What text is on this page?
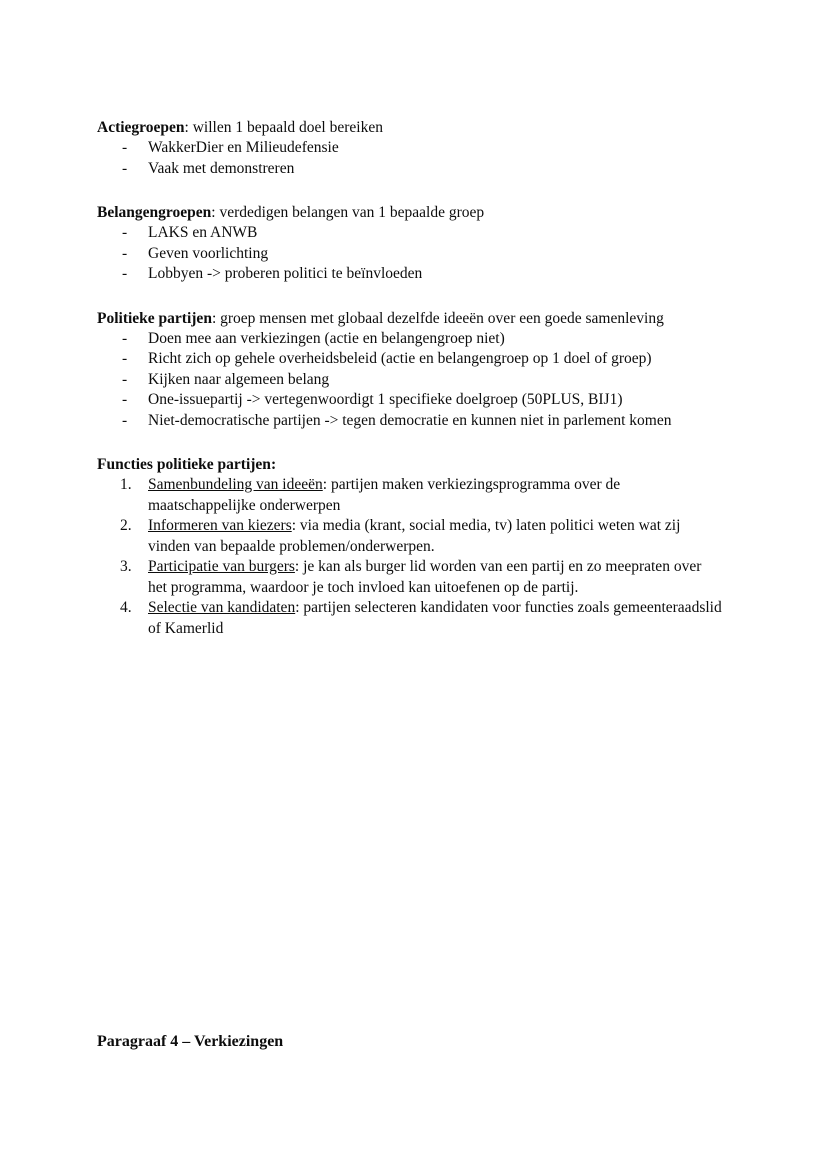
Actiegroepen: willen 1 bepaald doel bereiken

-	WakkerDier en Milieudefensie
-	Vaak met demonstreren

Belangengroepen: verdedigen belangen van 1 bepaalde groep

-	LAKS en ANWB
-	Geven voorlichting
-	Lobbyen -> proberen politici te beïnvloeden

Politieke partijen: groep mensen met globaal dezelfde ideeën over een goede samenleving

-	Doen mee aan verkiezingen (actie en belangengroep niet)
-	Richt zich op gehele overheidsbeleid (actie en belangengroep op 1 doel of groep)
-	Kijken naar algemeen belang
-	One-issuepartij -> vertegenwoordigt 1 specifieke doelgroep (50PLUS, BIJ1)
-	Niet-democratische partijen -> tegen democratie en kunnen niet in parlement komen

Functies politieke partijen:

1.	Samenbundeling van ideeën: partijen maken verkiezingsprogramma over de maatschappelijke onderwerpen
2.	Informeren van kiezers: via media (krant, social media, tv) laten politici weten wat zij vinden van bepaalde problemen/onderwerpen.
3.	Participatie van burgers: je kan als burger lid worden van een partij en zo meepraten over het programma, waardoor je toch invloed kan uitoefenen op de partij.
4.	Selectie van kandidaten: partijen selecteren kandidaten voor functies zoals gemeenteraadslid of Kamerlid

Paragraaf 4 – Verkiezingen
